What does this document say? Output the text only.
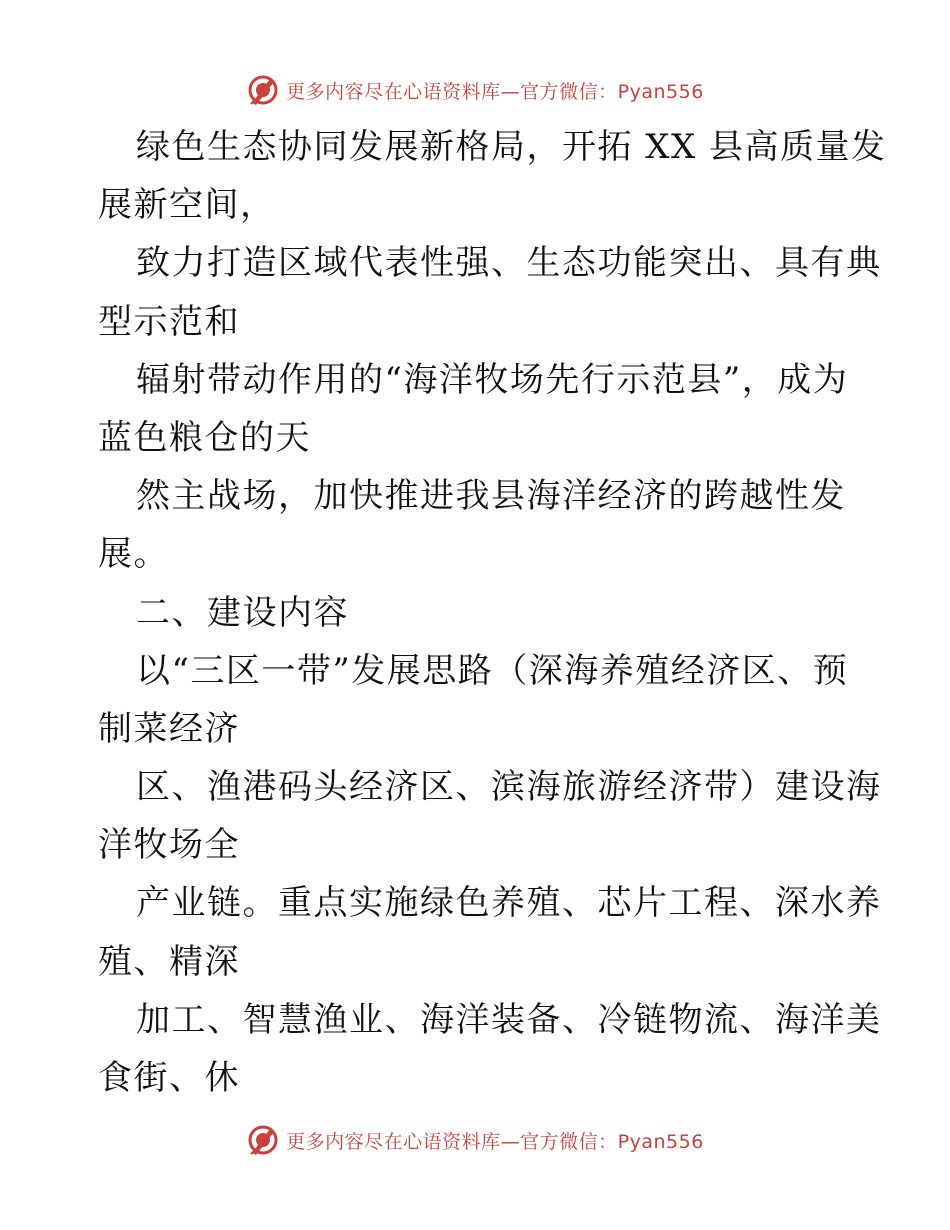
更多内容尽在心语资料库—官方微信：Pyan556
绿色生态协同发展新格局，开拓 XX 县高质量发
展新空间，
致力打造区域代表性强、生态功能突出、具有典
型示范和
辐射带动作用的“海洋牧场先行示范县”，成为
蓝色粮仓的天
然主战场，加快推进我县海洋经济的跨越性发
展。
二、建设内容
以“三区一带”发展思路（深海养殖经济区、预
制菜经济
区、渔港码头经济区、滨海旅游经济带）建设海
洋牧场全
产业链。重点实施绿色养殖、芯片工程、深水养
殖、精深
加工、智慧渔业、海洋装备、冷链物流、海洋美
食街、休
更多内容尽在心语资料库—官方微信：Pyan556
